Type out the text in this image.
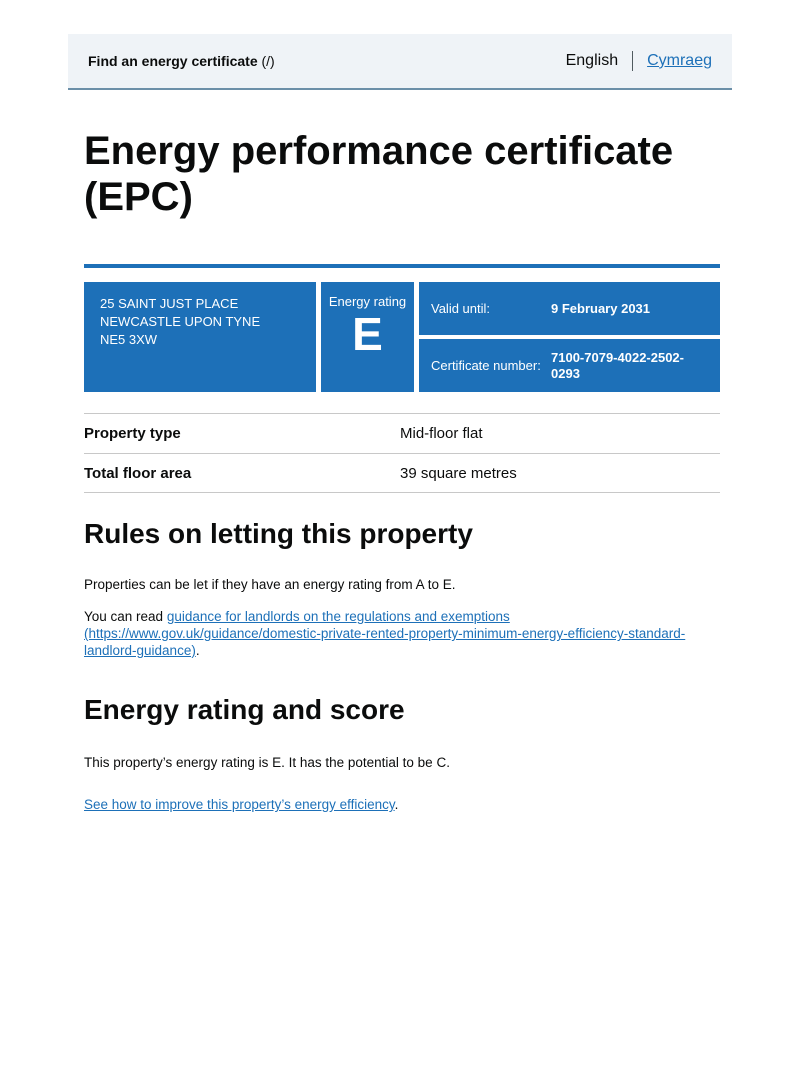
Find an energy certificate (/)	English Cymraeg
Energy performance certificate (EPC)
25 SAINT JUST PLACE
NEWCASTLE UPON TYNE
NE5 3XW
Energy rating
E	Valid until:	9 February 2031
Certificate number:
7100-7079-4022-2502-0293
Property type	Mid-floor flat
Total floor area	39 square metres
Rules on letting this property

Properties can be let if they have an energy rating from A to E.

You can read guidance for landlords on the regulations and exemptions (https://www.gov.uk/guidance/domestic-private-rented-property-minimum-energy-efficiency-standard-landlord-guidance).

Energy rating and score

This property’s energy rating is E. It has the potential to be C.

See how to improve this property’s energy efficiency.
